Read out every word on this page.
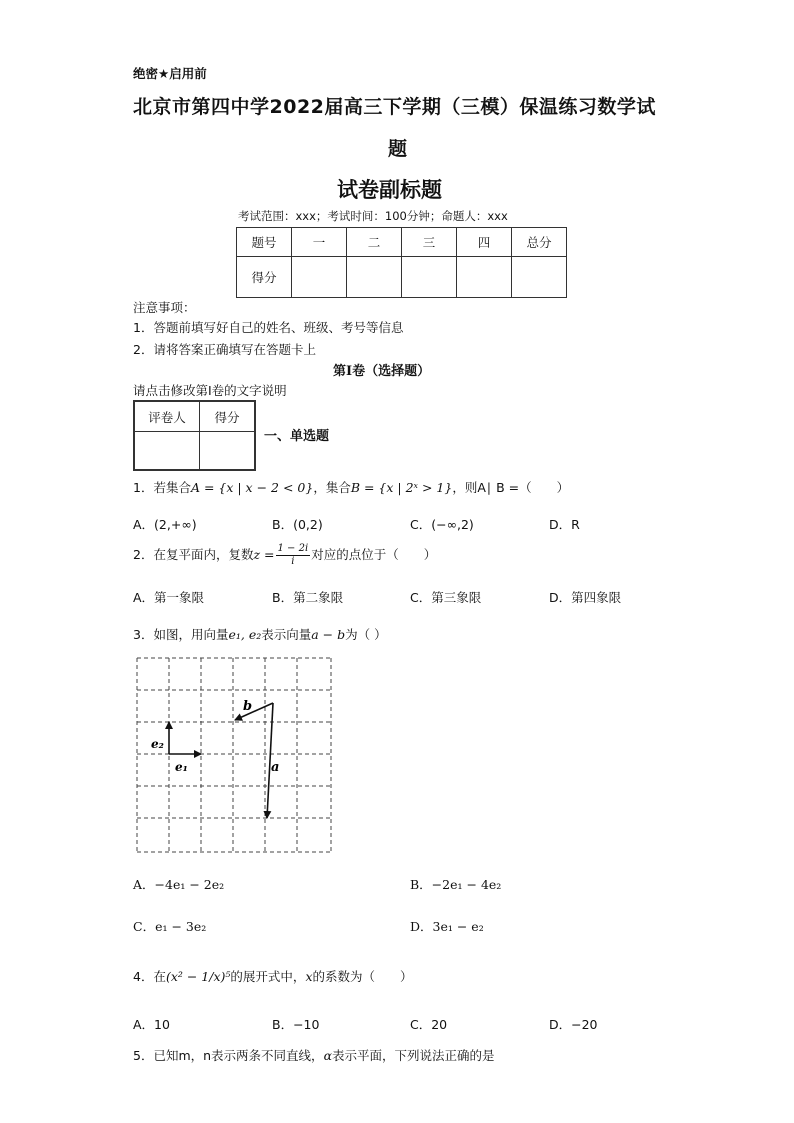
绝密★启用前
北京市第四中学2022届高三下学期（三模）保温练习数学试
题
试卷副标题
考试范围：xxx；考试时间：100分钟；命题人：xxx
题号	一	二	三	四	总分
得分					
注意事项：
1．答题前填写好自己的姓名、班级、考号等信息
2．请将答案正确填写在答题卡上
第I卷（选择题）
请点击修改第I卷的文字说明
评卷人	得分

一、单选题
1．若集合A = {x | x − 2 < 0}，集合B = {x | 2ˣ > 1}，则A∣ B =（　　）
A．(2,+∞)	B．(0,2)	C．(−∞,2)	D．R
2．在复平面内，复数$z = \frac{1 - 2i}{i}$ 对应的点位于（　　）
A．第一象限	B．第二象限	C．第三象限	D．第四象限
3．如图，用向量e₁, e₂表示向量a − b为（ ）
b
a
e₂
e₁
A．−4e₁ − 2e₂	B．−2e₁ − 4e₂
C．e₁ − 3e₂	D．3e₁ − e₂
4．在(x² − 1/x)⁵的展开式中，x的系数为（　　）
A．10	B．−10	C．20	D．−20
5．已知m，n表示两条不同直线，α表示平面，下列说法正确的是
